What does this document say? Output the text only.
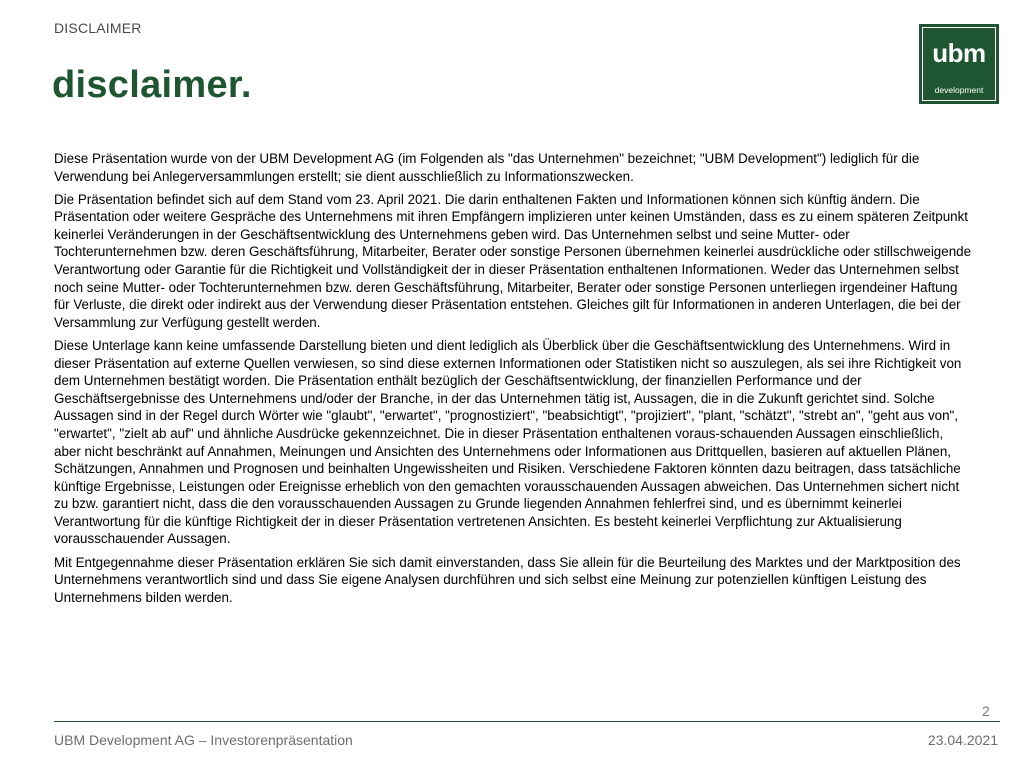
DISCLAIMER
disclaimer.
ubm
development

Diese Präsentation wurde von der UBM Development AG (im Folgenden als "das Unternehmen" bezeichnet; "UBM Development") lediglich für die Verwendung bei Anlegerversammlungen erstellt; sie dient ausschließlich zu Informationszwecken.

Die Präsentation befindet sich auf dem Stand vom 23. April 2021. Die darin enthaltenen Fakten und Informationen können sich künftig ändern. Die Präsentation oder weitere Gespräche des Unternehmens mit ihren Empfängern implizieren unter keinen Umständen, dass es zu einem späteren Zeitpunkt keinerlei Veränderungen in der Geschäftsentwicklung des Unternehmens geben wird. Das Unternehmen selbst und seine Mutter- oder Tochterunternehmen bzw. deren Geschäftsführung, Mitarbeiter, Berater oder sonstige Personen übernehmen keinerlei ausdrückliche oder stillschweigende Verantwortung oder Garantie für die Richtigkeit und Vollständigkeit der in dieser Präsentation enthaltenen Informationen. Weder das Unternehmen selbst noch seine Mutter- oder Tochterunternehmen bzw. deren Geschäftsführung, Mitarbeiter, Berater oder sonstige Personen unterliegen irgendeiner Haftung für Verluste, die direkt oder indirekt aus der Verwendung dieser Präsentation entstehen. Gleiches gilt für Informationen in anderen Unterlagen, die bei der Versammlung zur Verfügung gestellt werden.

Diese Unterlage kann keine umfassende Darstellung bieten und dient lediglich als Überblick über die Geschäftsentwicklung des Unternehmens. Wird in dieser Präsentation auf externe Quellen verwiesen, so sind diese externen Informationen oder Statistiken nicht so auszulegen, als sei ihre Richtigkeit von dem Unternehmen bestätigt worden. Die Präsentation enthält bezüglich der Geschäftsentwicklung, der finanziellen Performance und der Geschäftsergebnisse des Unternehmens und/oder der Branche, in der das Unternehmen tätig ist, Aussagen, die in die Zukunft gerichtet sind. Solche Aussagen sind in der Regel durch Wörter wie "glaubt", "erwartet", "prognostiziert", "beabsichtigt", "projiziert", "plant, "schätzt", "strebt an", "geht aus von", "erwartet", "zielt ab auf" und ähnliche Ausdrücke gekennzeichnet. Die in dieser Präsentation enthaltenen voraus-schauenden Aussagen einschließlich, aber nicht beschränkt auf Annahmen, Meinungen und Ansichten des Unternehmens oder Informationen aus Drittquellen, basieren auf aktuellen Plänen, Schätzungen, Annahmen und Prognosen und beinhalten Ungewissheiten und Risiken. Verschiedene Faktoren könnten dazu beitragen, dass tatsächliche künftige Ergebnisse, Leistungen oder Ereignisse erheblich von den gemachten vorausschauenden Aussagen abweichen. Das Unternehmen sichert nicht zu bzw. garantiert nicht, dass die den vorausschauenden Aussagen zu Grunde liegenden Annahmen fehlerfrei sind, und es übernimmt keinerlei Verantwortung für die künftige Richtigkeit der in dieser Präsentation vertretenen Ansichten. Es besteht keinerlei Verpflichtung zur Aktualisierung vorausschauender Aussagen.

Mit Entgegennahme dieser Präsentation erklären Sie sich damit einverstanden, dass Sie allein für die Beurteilung des Marktes und der Marktposition des Unternehmens verantwortlich sind und dass Sie eigene Analysen durchführen und sich selbst eine Meinung zur potenziellen künftigen Leistung des Unternehmens bilden werden.

2
UBM Development AG – Investorenpräsentation	23.04.2021
